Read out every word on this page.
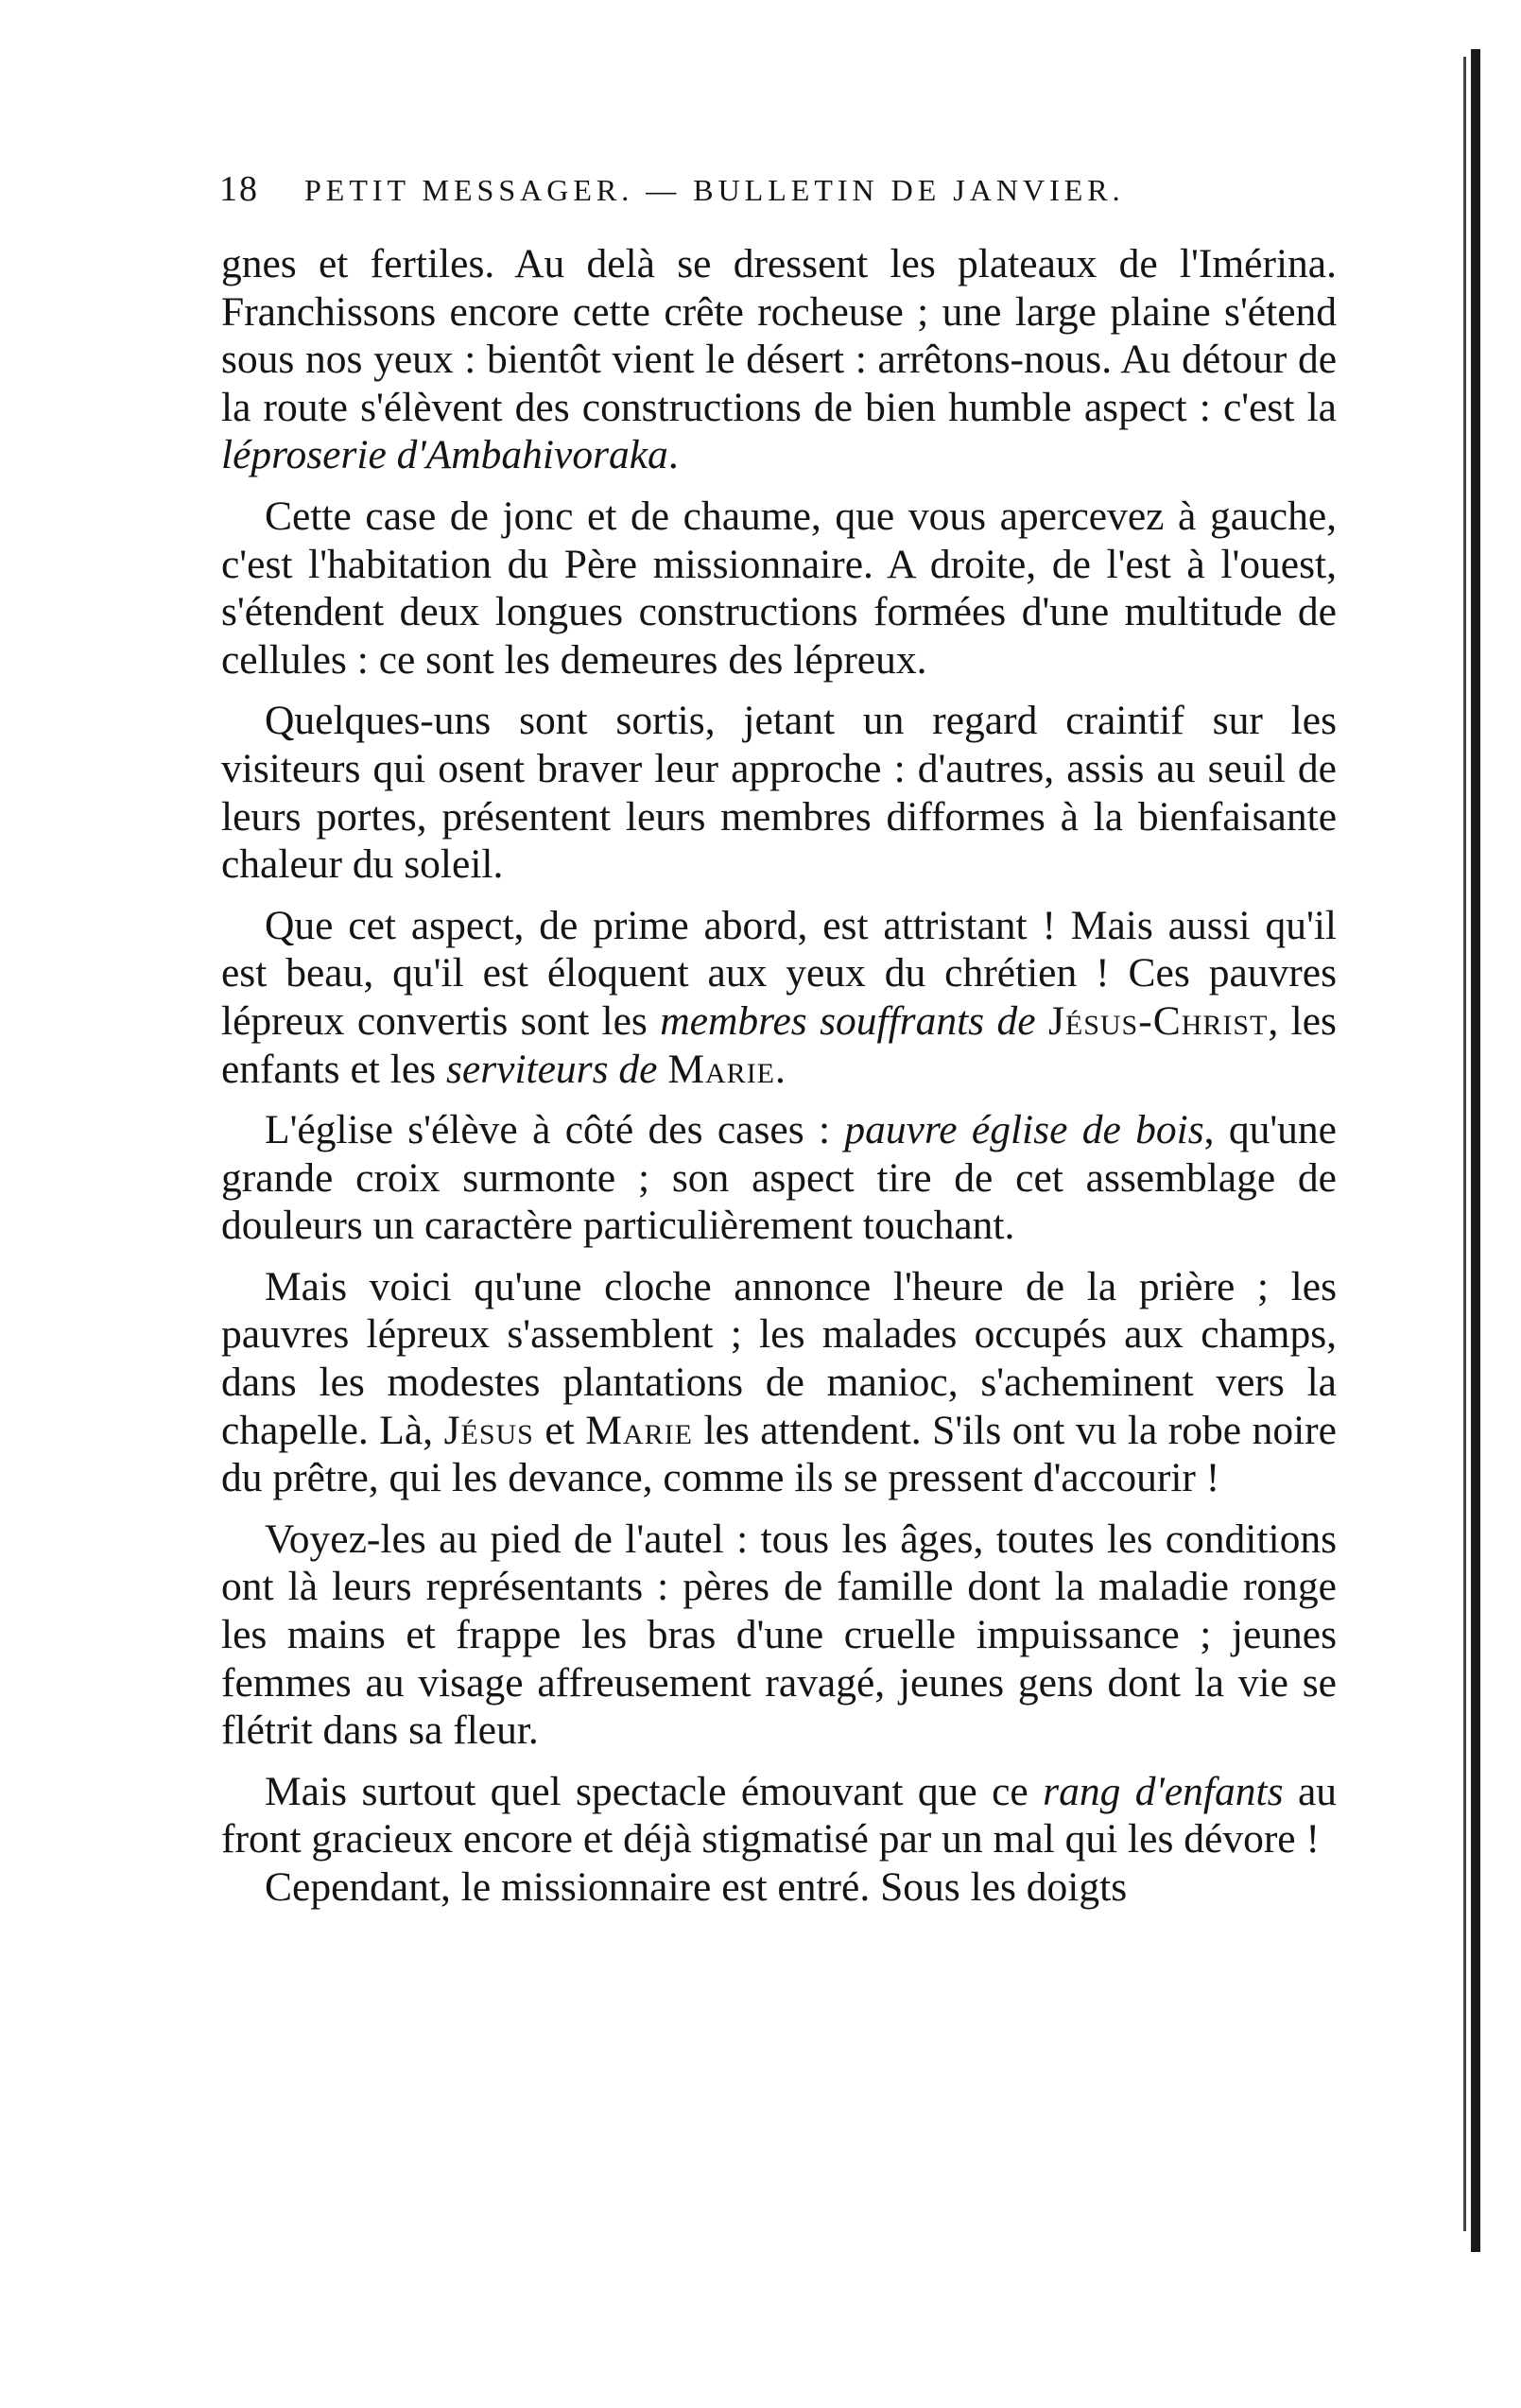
18 PETIT MESSAGER. — BULLETIN DE JANVIER.

gnes et fertiles. Au delà se dressent les plateaux de l'Imérina. Franchissons encore cette crête rocheuse ; une large plaine s'étend sous nos yeux : bientôt vient le désert : arrêtons-nous. Au détour de la route s'élèvent des constructions de bien humble aspect : c'est la léproserie d'Ambahivoraka.

Cette case de jonc et de chaume, que vous apercevez à gauche, c'est l'habitation du Père missionnaire. A droite, de l'est à l'ouest, s'étendent deux longues constructions formées d'une multitude de cellules : ce sont les demeures des lépreux.

Quelques-uns sont sortis, jetant un regard craintif sur les visiteurs qui osent braver leur approche : d'autres, assis au seuil de leurs portes, présentent leurs membres difformes à la bienfaisante chaleur du soleil.

Que cet aspect, de prime abord, est attristant ! Mais aussi qu'il est beau, qu'il est éloquent aux yeux du chrétien ! Ces pauvres lépreux convertis sont les membres souffrants de Jésus-Christ, les enfants et les serviteurs de Marie.

L'église s'élève à côté des cases : pauvre église de bois, qu'une grande croix surmonte ; son aspect tire de cet assemblage de douleurs un caractère particulièrement touchant.

Mais voici qu'une cloche annonce l'heure de la prière ; les pauvres lépreux s'assemblent ; les malades occupés aux champs, dans les modestes plantations de manioc, s'acheminent vers la chapelle. Là, Jésus et Marie les attendent. S'ils ont vu la robe noire du prêtre, qui les devance, comme ils se pressent d'accourir !

Voyez-les au pied de l'autel : tous les âges, toutes les conditions ont là leurs représentants : pères de famille dont la maladie ronge les mains et frappe les bras d'une cruelle impuissance ; jeunes femmes au visage affreusement ravagé, jeunes gens dont la vie se flétrit dans sa fleur.

Mais surtout quel spectacle émouvant que ce rang d'enfants au front gracieux encore et déjà stigmatisé par un mal qui les dévore !

Cependant, le missionnaire est entré. Sous les doigts
